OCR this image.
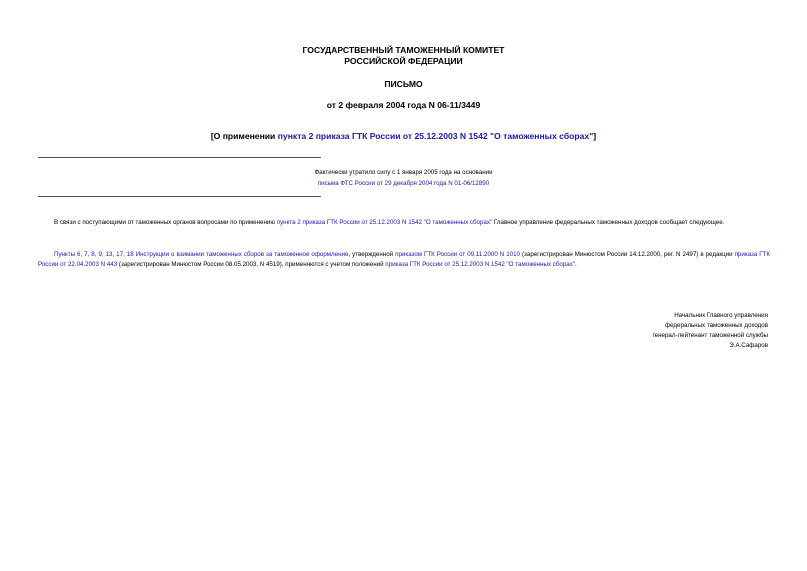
ГОСУДАРСТВЕННЫЙ ТАМОЖЕННЫЙ КОМИТЕТ
РОССИЙСКОЙ ФЕДЕРАЦИИ
ПИСЬМО
от 2 февраля 2004 года N 06-11/3449
[О применении пункта 2 приказа ГТК России от 25.12.2003 N 1542 "О таможенных сборах"]
Фактически утратило силу с 1 января 2005 года на основании
письма ФТС России от 29 декабря 2004 года N 01-06/12890
В связи с поступающими от таможенных органов вопросами по применению пункта 2 приказа ГТК России от 25.12.2003 N 1542 "О таможенных сборах" Главное управление федеральных таможенных доходов сообщает следующее.
Пункты 6, 7, 8, 9, 13, 17, 18 Инструкции о взимании таможенных сборов за таможенное оформление, утвержденной приказом ГТК России от 09.11.2000 N 1010 (зарегистрирован Минюстом России 14.12.2000, рег. N 2497) в редакции приказа ГТК России от 22.04.2003 N 443 (зарегистрирован Минюстом России 08.05.2003, N 4519), применяются с учетом положений приказа ГТК России от 25.12.2003 N 1542 "О таможенных сборах".
Начальник Главного управления
федеральных таможенных доходов
генерал-лейтенант таможенной службы
Э.А.Сафаров
